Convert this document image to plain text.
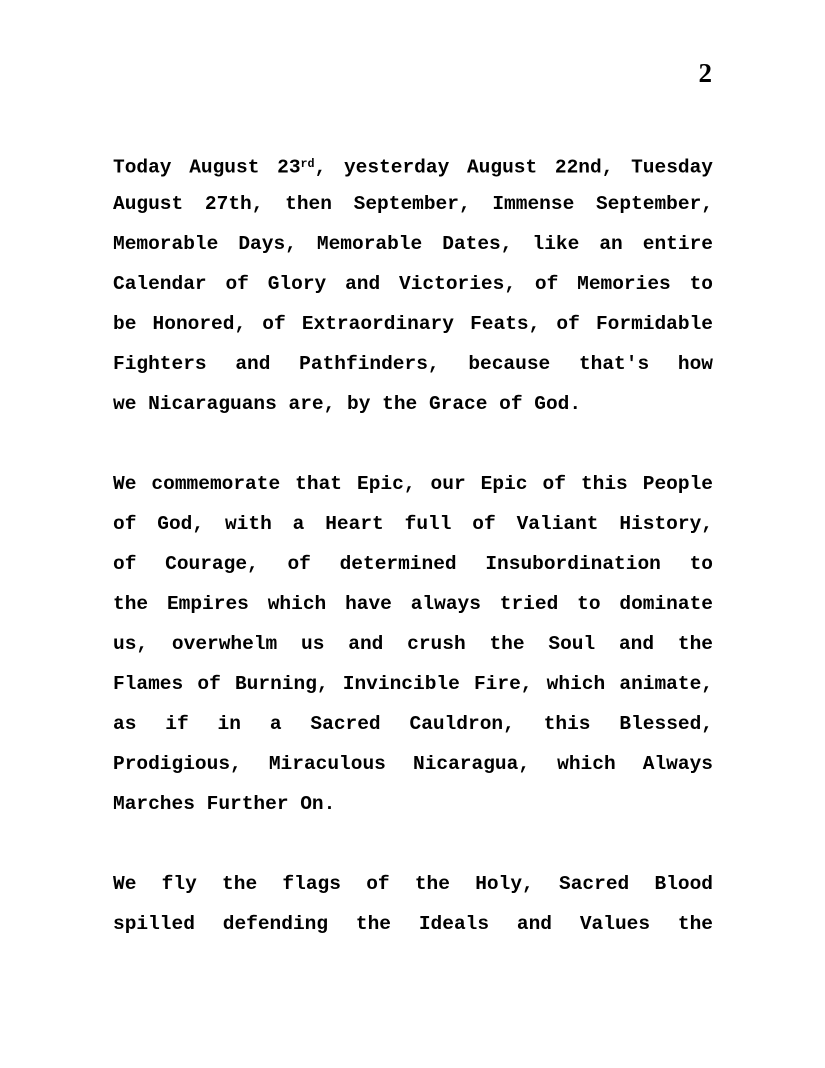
2

Today August 23rd, yesterday August 22nd, Tuesday
August 27th, then September, Immense September,
Memorable Days, Memorable Dates, like an entire
Calendar of Glory and Victories, of Memories to
be Honored, of Extraordinary Feats, of Formidable
Fighters and Pathfinders, because that's how
we Nicaraguans are, by the Grace of God.

We commemorate that Epic, our Epic of this People
of God, with a Heart full of Valiant History,
of Courage, of determined Insubordination to
the Empires which have always tried to dominate
us, overwhelm us and crush the Soul and the
Flames of Burning, Invincible Fire, which animate,
as if in a Sacred Cauldron, this Blessed,
Prodigious, Miraculous Nicaragua, which Always
Marches Further On.

We fly the flags of the Holy, Sacred Blood
spilled defending the Ideals and Values the
